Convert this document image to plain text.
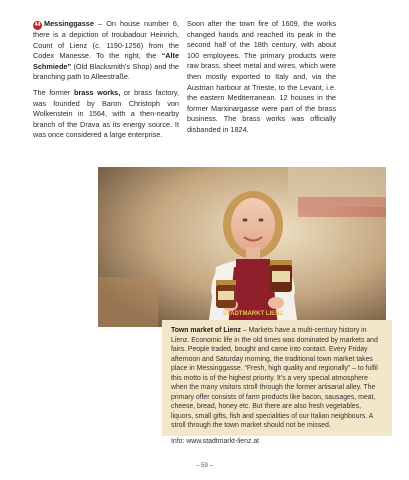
44 Messinggasse – On house number 6, there is a depiction of troubadour Heinrich, Count of Lienz (c. 1190-1256) from the Codex Manesse. To the right, the “Alte Schmiede” (Old Blacksmith’s Shop) and the branching path to Alleestraße.

The former brass works, or brass factory, was founded by Baron Christoph von Wolkenstein in 1564, with a then-nearby branch of the Drava as its energy source. It was once considered a large enterprise.

Soon after the town fire of 1609, the works changed hands and reached its peak in the second half of the 18th century, with about 100 employees. The primary products were raw brass, sheet metal and wires, which were then mostly exported to Italy and, via the Austrian harbour at Trieste, to the Levant, i.e. the eastern Mediterranean. 12 houses in the former Marxinargasse were part of the brass business. The brass works was officially disbanded in 1824.

STADTMARKT LIENZ

Town market of Lienz – Markets have a multi-century history in Lienz. Economic life in the old times was dominated by markets and fairs. People traded, bought and came into contact. Every Friday afternoon and Saturday morning, the traditional town market takes place in Messinggasse. “Fresh, high quality and regionally” – to fulfil this motto is of the highest priority. It’s a very special atmosphere when the many visitors stroll through the former artisanal alley. The primary offer consists of farm products like bacon, sausages, meat, cheese, bread, honey etc. But there are also fresh vegetables, liquors, small gifts, fish and specialities of our Italian neighbours. A stroll through the town market should not be missed.

Info: www.stadtmarkt-lienz.at

– 59 –
